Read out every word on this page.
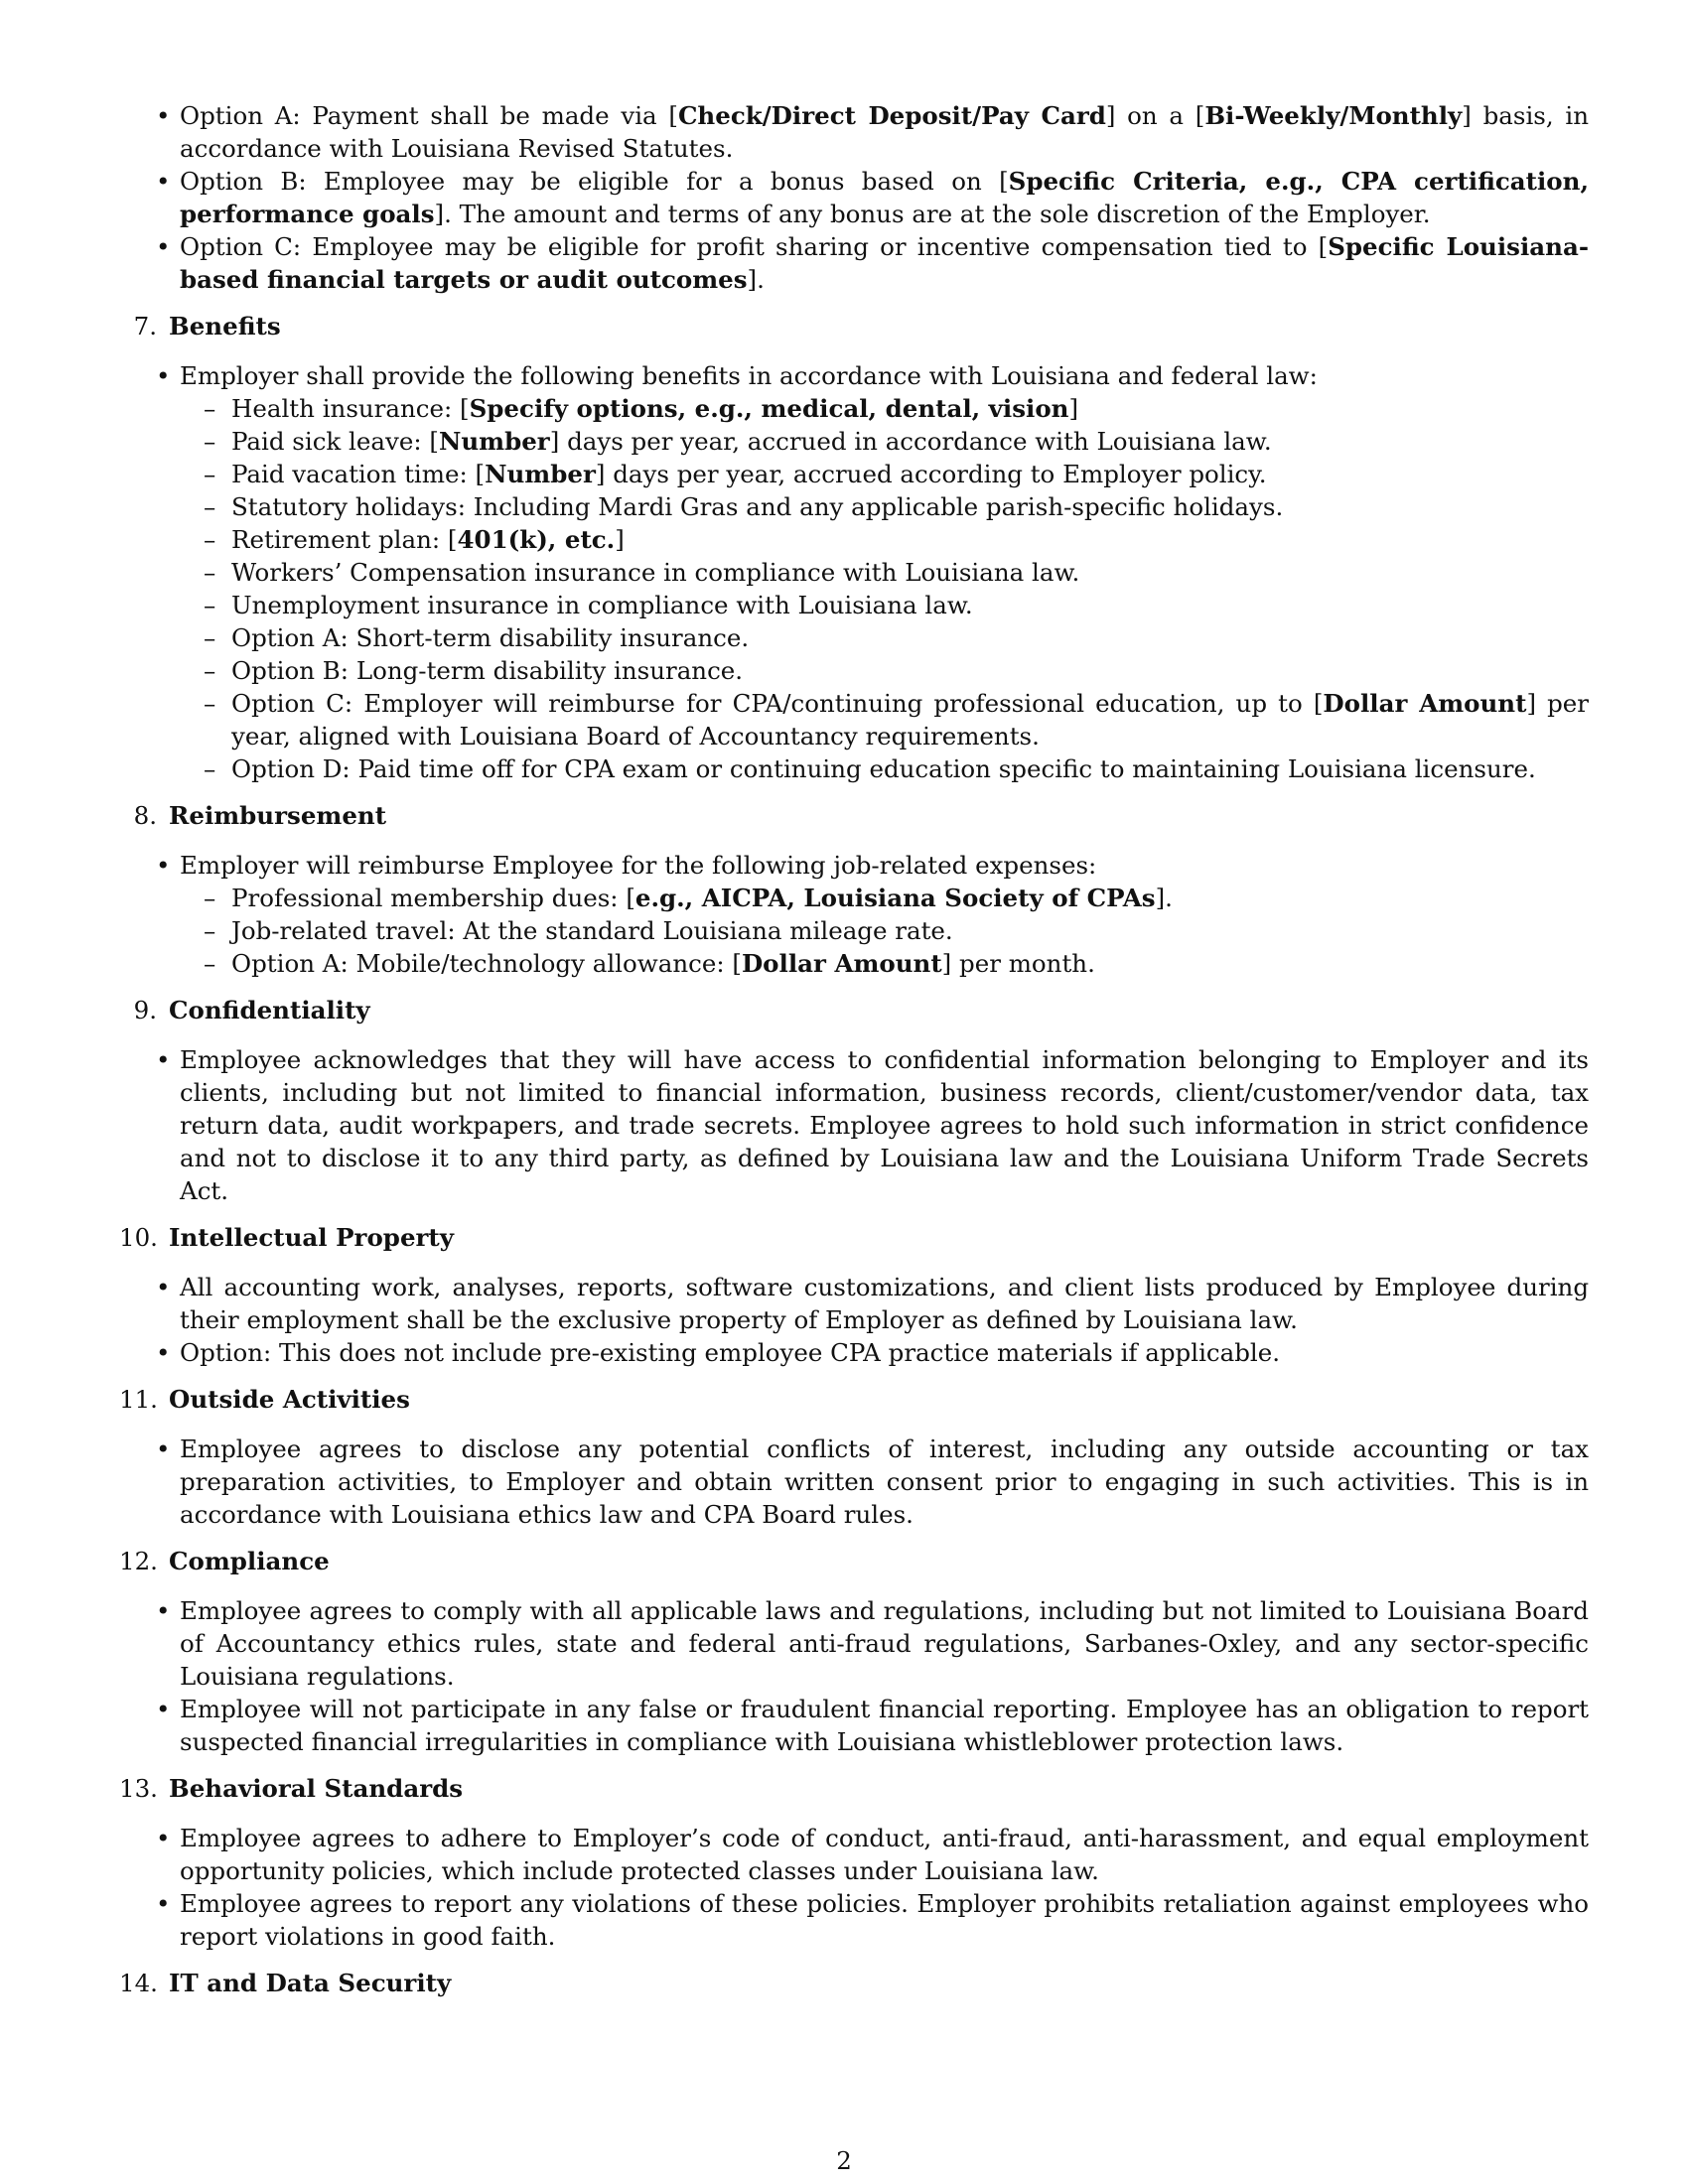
• Option A: Payment shall be made via [Check/Direct Deposit/Pay Card] on a [Bi-Weekly/Monthly] basis, in accordance with Louisiana Revised Statutes.
• Option B: Employee may be eligible for a bonus based on [Specific Criteria, e.g., CPA certification, performance goals]. The amount and terms of any bonus are at the sole discretion of the Employer.
• Option C: Employee may be eligible for profit sharing or incentive compensation tied to [Specific Louisiana-based financial targets or audit outcomes].
7. Benefits
• Employer shall provide the following benefits in accordance with Louisiana and federal law:
– Health insurance: [Specify options, e.g., medical, dental, vision]
– Paid sick leave: [Number] days per year, accrued in accordance with Louisiana law.
– Paid vacation time: [Number] days per year, accrued according to Employer policy.
– Statutory holidays: Including Mardi Gras and any applicable parish-specific holidays.
– Retirement plan: [401(k), etc.]
– Workers’ Compensation insurance in compliance with Louisiana law.
– Unemployment insurance in compliance with Louisiana law.
– Option A: Short-term disability insurance.
– Option B: Long-term disability insurance.
– Option C: Employer will reimburse for CPA/continuing professional education, up to [Dollar Amount] per year, aligned with Louisiana Board of Accountancy requirements.
– Option D: Paid time off for CPA exam or continuing education specific to maintaining Louisiana licensure.
8. Reimbursement
• Employer will reimburse Employee for the following job-related expenses:
– Professional membership dues: [e.g., AICPA, Louisiana Society of CPAs].
– Job-related travel: At the standard Louisiana mileage rate.
– Option A: Mobile/technology allowance: [Dollar Amount] per month.
9. Confidentiality
• Employee acknowledges that they will have access to confidential information belonging to Employer and its clients, including but not limited to financial information, business records, client/customer/vendor data, tax return data, audit workpapers, and trade secrets. Employee agrees to hold such information in strict confidence and not to disclose it to any third party, as defined by Louisiana law and the Louisiana Uniform Trade Secrets Act.
10. Intellectual Property
• All accounting work, analyses, reports, software customizations, and client lists produced by Employee during their employment shall be the exclusive property of Employer as defined by Louisiana law.
• Option: This does not include pre-existing employee CPA practice materials if applicable.
11. Outside Activities
• Employee agrees to disclose any potential conflicts of interest, including any outside accounting or tax preparation activities, to Employer and obtain written consent prior to engaging in such activities. This is in accordance with Louisiana ethics law and CPA Board rules.
12. Compliance
• Employee agrees to comply with all applicable laws and regulations, including but not limited to Louisiana Board of Accountancy ethics rules, state and federal anti-fraud regulations, Sarbanes-Oxley, and any sector-specific Louisiana regulations.
• Employee will not participate in any false or fraudulent financial reporting. Employee has an obligation to report suspected financial irregularities in compliance with Louisiana whistleblower protection laws.
13. Behavioral Standards
• Employee agrees to adhere to Employer’s code of conduct, anti-fraud, anti-harassment, and equal employment opportunity policies, which include protected classes under Louisiana law.
• Employee agrees to report any violations of these policies. Employer prohibits retaliation against employees who report violations in good faith.
14. IT and Data Security
2
